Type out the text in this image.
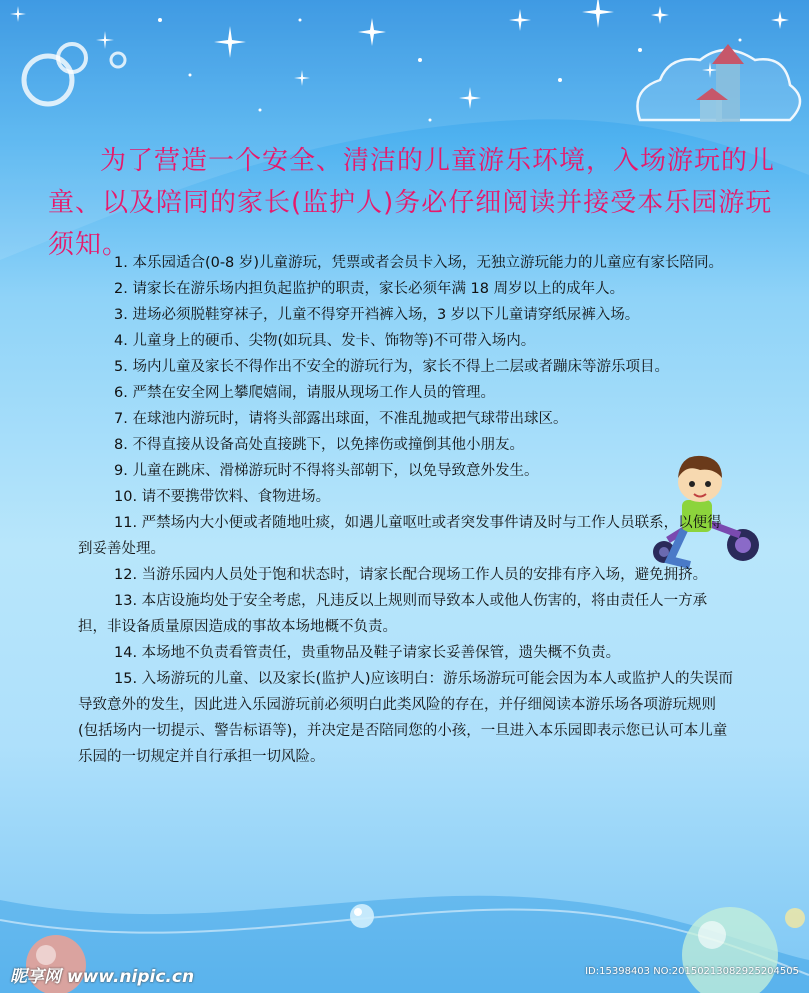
为了营造一个安全、清洁的儿童游乐环境，入场游玩的儿童、以及陪同的家长(监护人)务必仔细阅读并接受本乐园游玩须知。

1. 本乐园适合(0-8 岁)儿童游玩，凭票或者会员卡入场，无独立游玩能力的儿童应有家长陪同。
2. 请家长在游乐场内担负起监护的职责，家长必须年满 18 周岁以上的成年人。
3. 进场必须脱鞋穿袜子，儿童不得穿开裆裤入场，3 岁以下儿童请穿纸尿裤入场。
4. 儿童身上的硬币、尖物(如玩具、发卡、饰物等)不可带入场内。
5. 场内儿童及家长不得作出不安全的游玩行为，家长不得上二层或者蹦床等游乐项目。
6. 严禁在安全网上攀爬嬉闹，请服从现场工作人员的管理。
7. 在球池内游玩时，请将头部露出球面，不准乱抛或把气球带出球区。
8. 不得直接从设备高处直接跳下，以免摔伤或撞倒其他小朋友。
9. 儿童在跳床、滑梯游玩时不得将头部朝下，以免导致意外发生。
10. 请不要携带饮料、食物进场。
11. 严禁场内大小便或者随地吐痰，如遇儿童呕吐或者突发事件请及时与工作人员联系，以便得到妥善处理。
12. 当游乐园内人员处于饱和状态时，请家长配合现场工作人员的安排有序入场，避免拥挤。
13. 本店设施均处于安全考虑，凡违反以上规则而导致本人或他人伤害的，将由责任人一方承担，非设备质量原因造成的事故本场地概不负责。
14. 本场地不负责看管责任，贵重物品及鞋子请家长妥善保管，遗失概不负责。
15. 入场游玩的儿童、以及家长(监护人)应该明白：游乐场游玩可能会因为本人或监护人的失误而导致意外的发生，因此进入乐园游玩前必须明白此类风险的存在，并仔细阅读本游乐场各项游玩规则(包括场内一切提示、警告标语等)，并决定是否陪同您的小孩，一旦进入本乐园即表示您已认可本儿童乐园的一切规定并自行承担一切风险。
昵享网 www.nipic.cn	ID:15398403 NO:20150213082925204505
